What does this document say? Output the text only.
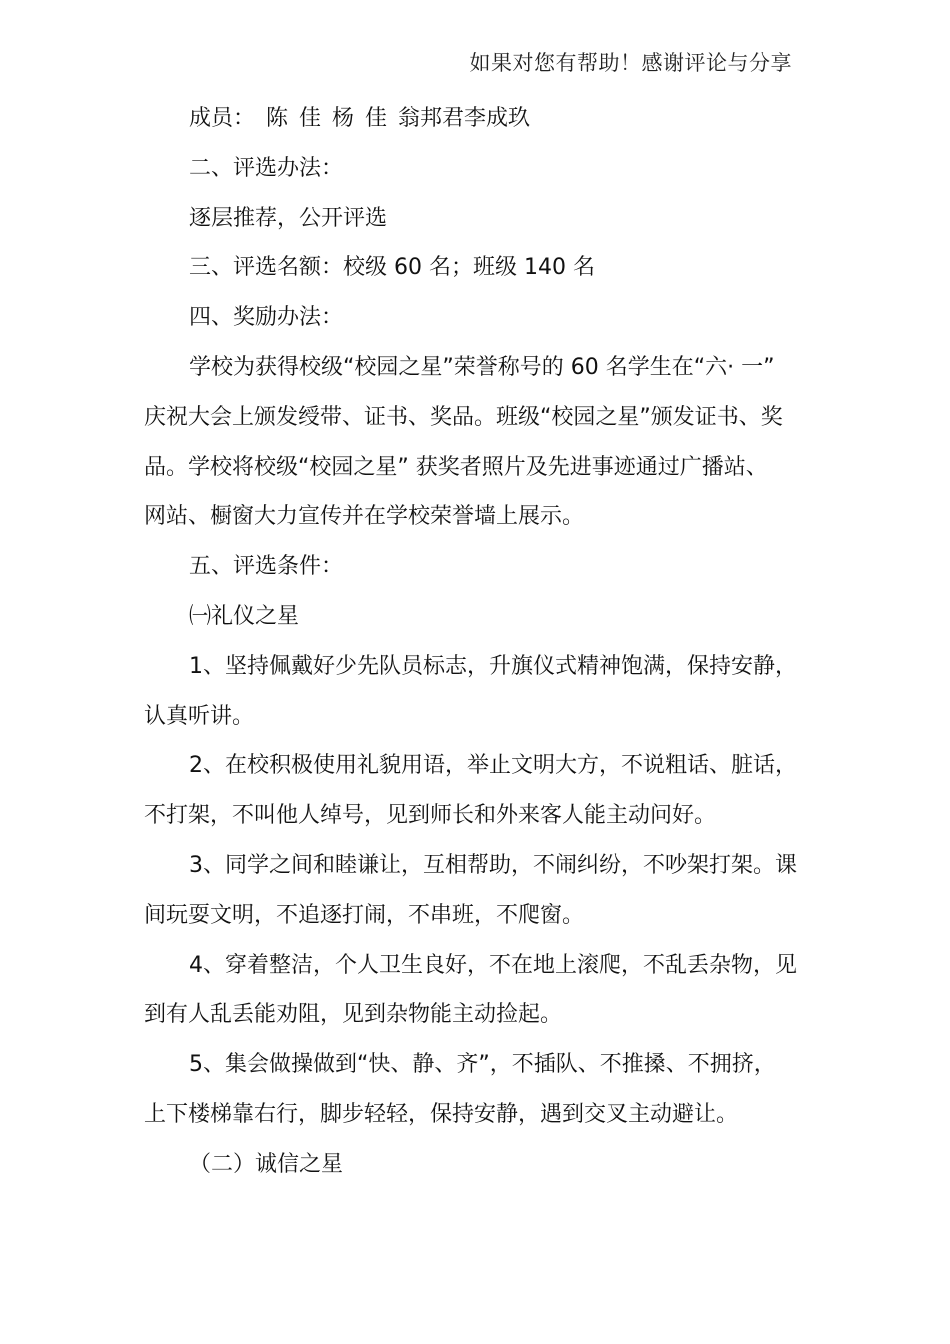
如果对您有帮助！感谢评论与分享
成员： 陈 佳 杨 佳 翁邦君李成玖
二、评选办法：
逐层推荐，公开评选
三、评选名额：校级 60 名；班级 140 名
四、奖励办法：
学校为获得校级“校园之星”荣誉称号的 60 名学生在“六· 一”
庆祝大会上颁发绶带、证书、奖品。班级“校园之星”颁发证书、奖
品。学校将校级“校园之星” 获奖者照片及先进事迹通过广播站、
网站、橱窗大力宣传并在学校荣誉墙上展示。
五、评选条件：
㈠礼仪之星
1、坚持佩戴好少先队员标志，升旗仪式精神饱满，保持安静，
认真听讲。
2、在校积极使用礼貌用语，举止文明大方，不说粗话、脏话，
不打架，不叫他人绰号，见到师长和外来客人能主动问好。
3、同学之间和睦谦让，互相帮助，不闹纠纷，不吵架打架。课
间玩耍文明，不追逐打闹，不串班，不爬窗。
4、穿着整洁，个人卫生良好，不在地上滚爬，不乱丢杂物，见
到有人乱丢能劝阻，见到杂物能主动捡起。
5、集会做操做到“快、静、齐”，不插队、不推搡、不拥挤，
上下楼梯靠右行，脚步轻轻，保持安静，遇到交叉主动避让。
（二）诚信之星
